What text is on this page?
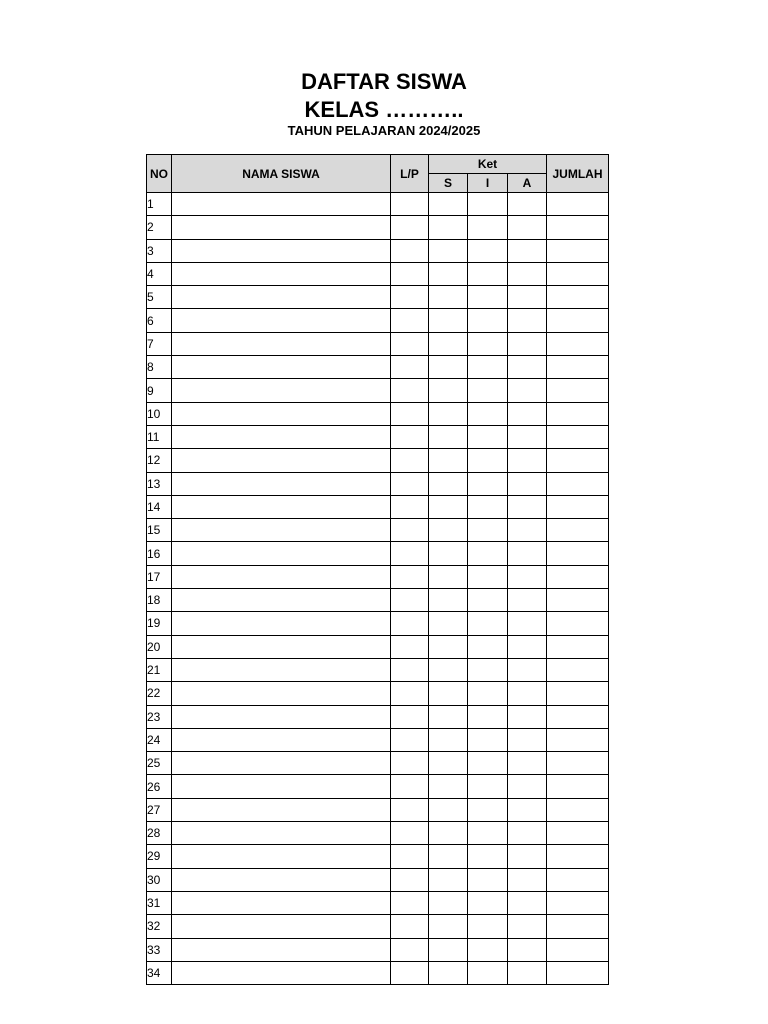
DAFTAR SISWA
KELAS ………..
TAHUN PELAJARAN 2024/2025
NO	NAMA SISWA	L/P	Ket			JUMLAH
			S	I	A	
1						
2						
3						
4						
5						
6						
7						
8						
9						
10						
11						
12						
13						
14						
15						
16						
17						
18						
19						
20						
21						
22						
23						
24						
25						
26						
27						
28						
29						
30						
31						
32						
33						
34						
